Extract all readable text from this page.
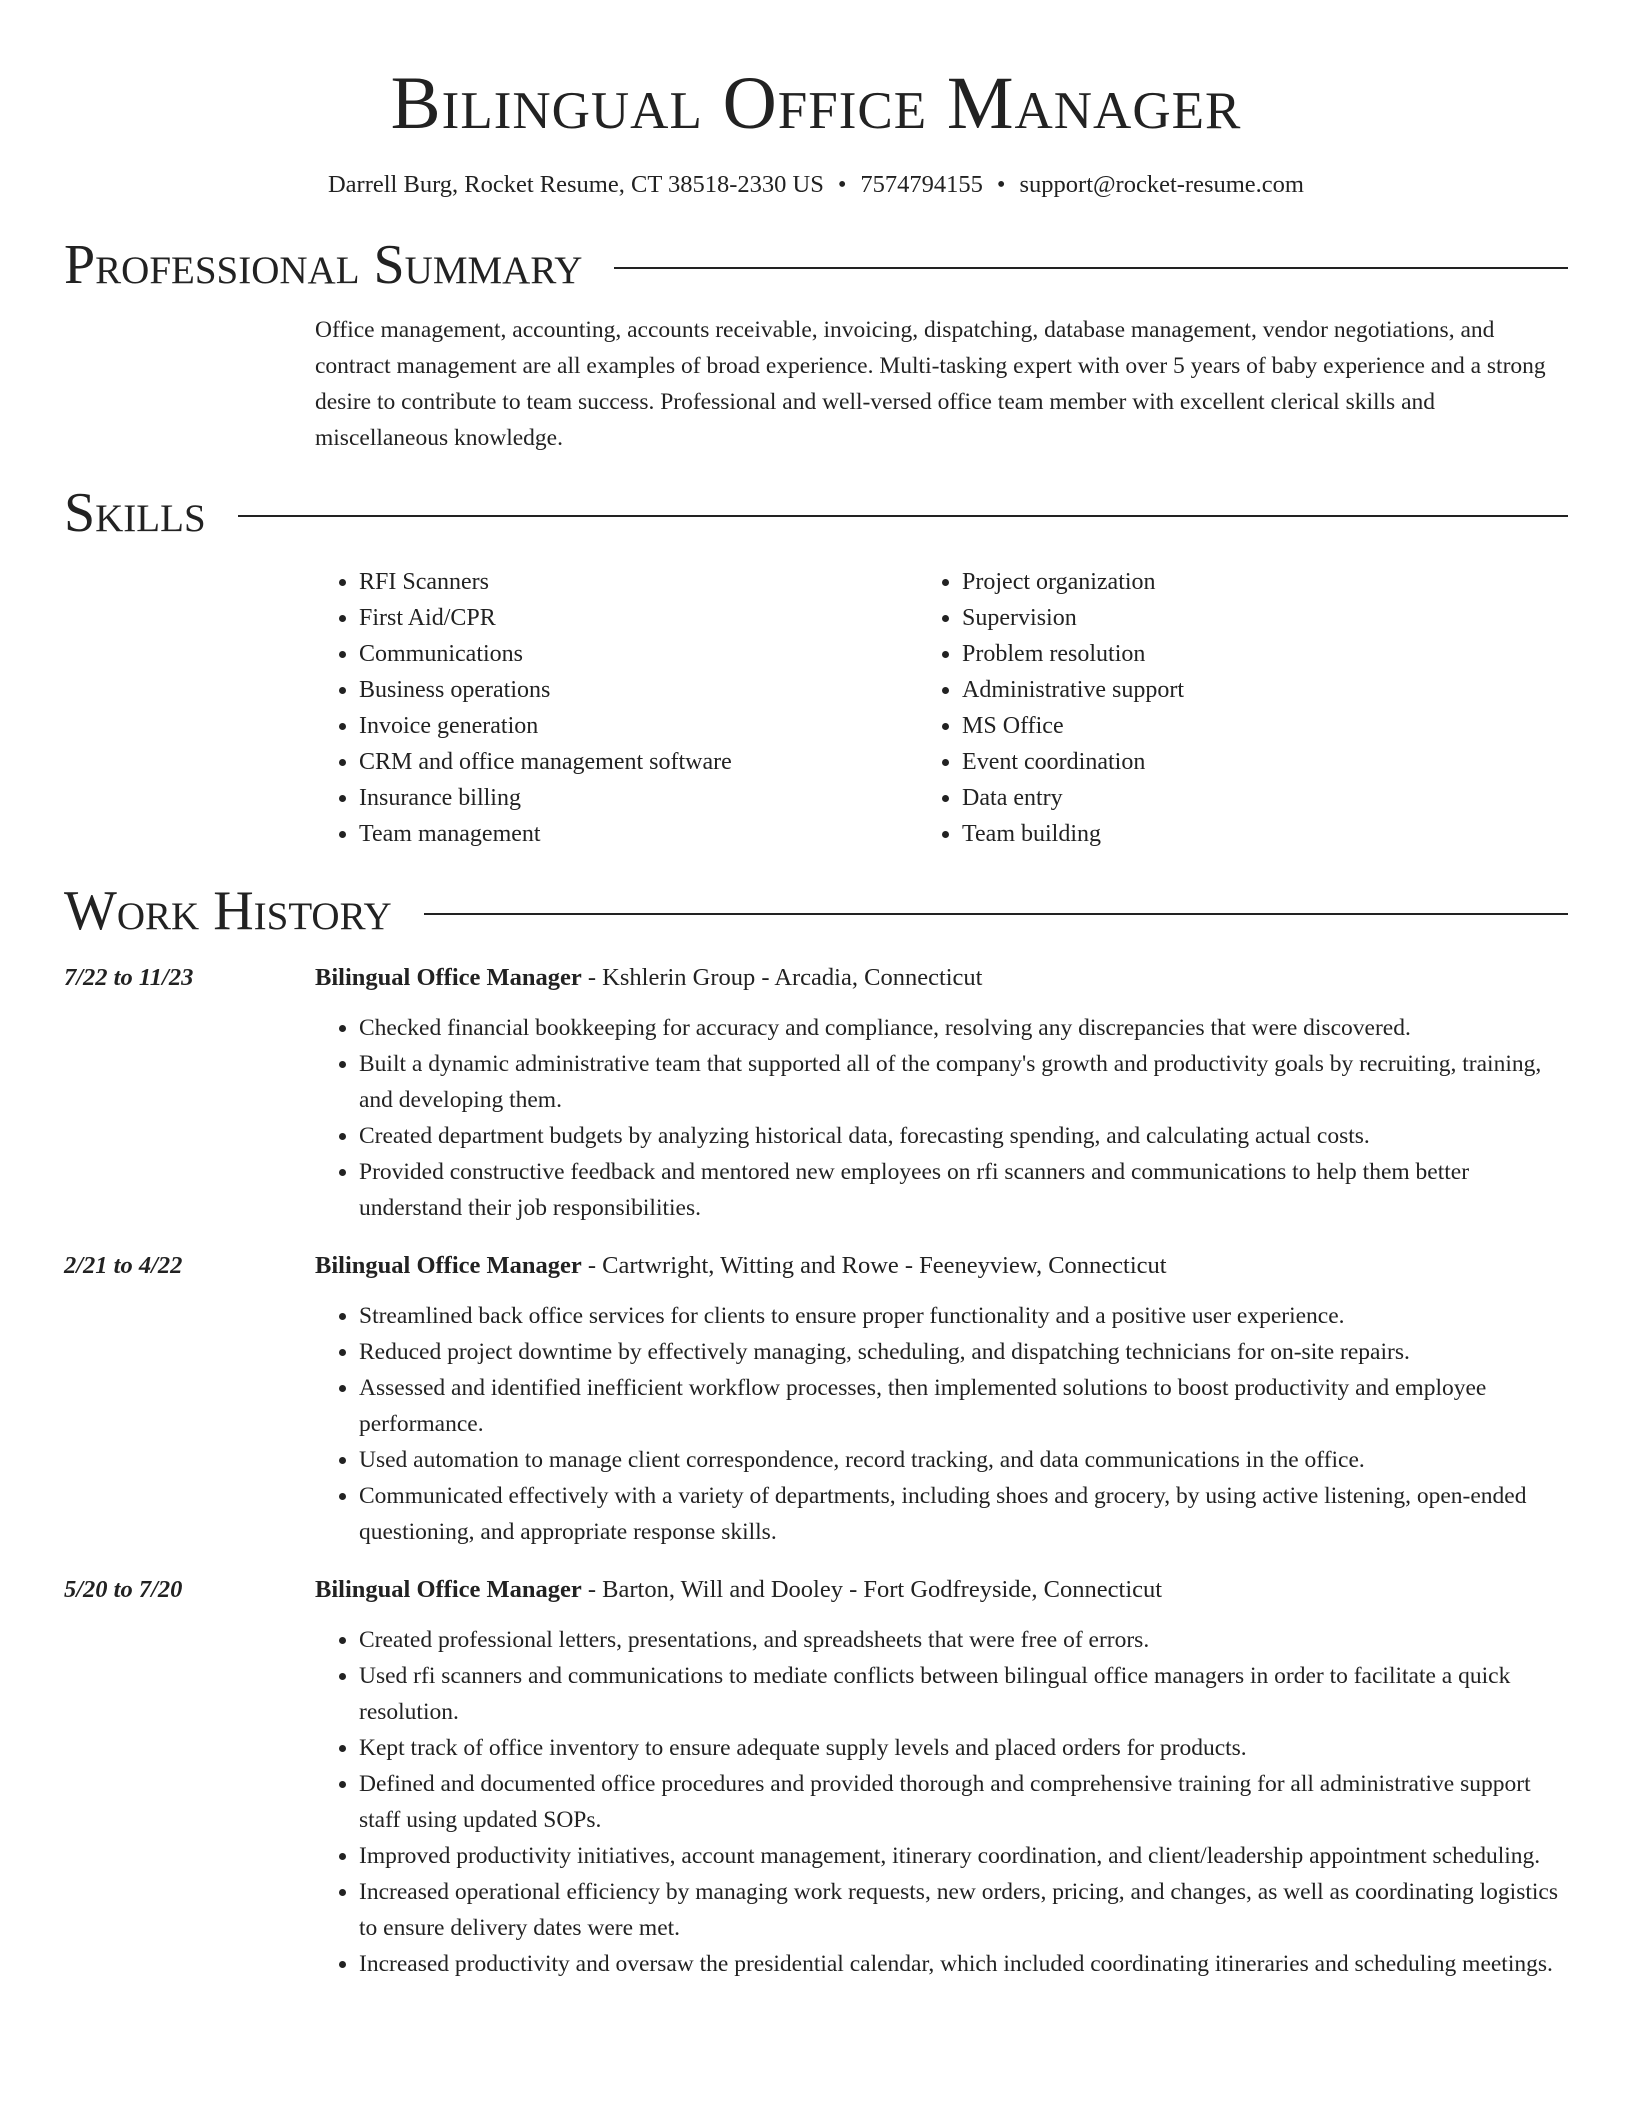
Bilingual Office Manager
Darrell Burg, Rocket Resume, CT 38518-2330 US • 7574794155 • support@rocket-resume.com
Professional Summary
Office management, accounting, accounts receivable, invoicing, dispatching, database management, vendor negotiations, and contract management are all examples of broad experience. Multi-tasking expert with over 5 years of baby experience and a strong desire to contribute to team success. Professional and well-versed office team member with excellent clerical skills and miscellaneous knowledge.
Skills
• RFI Scanners
• First Aid/CPR
• Communications
• Business operations
• Invoice generation
• CRM and office management software
• Insurance billing
• Team management
• Project organization
• Supervision
• Problem resolution
• Administrative support
• MS Office
• Event coordination
• Data entry
• Team building
Work History
7/22 to 11/23	Bilingual Office Manager - Kshlerin Group - Arcadia, Connecticut
• Checked financial bookkeeping for accuracy and compliance, resolving any discrepancies that were discovered.
• Built a dynamic administrative team that supported all of the company's growth and productivity goals by recruiting, training, and developing them.
• Created department budgets by analyzing historical data, forecasting spending, and calculating actual costs.
• Provided constructive feedback and mentored new employees on rfi scanners and communications to help them better understand their job responsibilities.
2/21 to 4/22	Bilingual Office Manager - Cartwright, Witting and Rowe - Feeneyview, Connecticut
• Streamlined back office services for clients to ensure proper functionality and a positive user experience.
• Reduced project downtime by effectively managing, scheduling, and dispatching technicians for on-site repairs.
• Assessed and identified inefficient workflow processes, then implemented solutions to boost productivity and employee performance.
• Used automation to manage client correspondence, record tracking, and data communications in the office.
• Communicated effectively with a variety of departments, including shoes and grocery, by using active listening, open-ended questioning, and appropriate response skills.
5/20 to 7/20	Bilingual Office Manager - Barton, Will and Dooley - Fort Godfreyside, Connecticut
• Created professional letters, presentations, and spreadsheets that were free of errors.
• Used rfi scanners and communications to mediate conflicts between bilingual office managers in order to facilitate a quick resolution.
• Kept track of office inventory to ensure adequate supply levels and placed orders for products.
• Defined and documented office procedures and provided thorough and comprehensive training for all administrative support staff using updated SOPs.
• Improved productivity initiatives, account management, itinerary coordination, and client/leadership appointment scheduling.
• Increased operational efficiency by managing work requests, new orders, pricing, and changes, as well as coordinating logistics to ensure delivery dates were met.
• Increased productivity and oversaw the presidential calendar, which included coordinating itineraries and scheduling meetings.
